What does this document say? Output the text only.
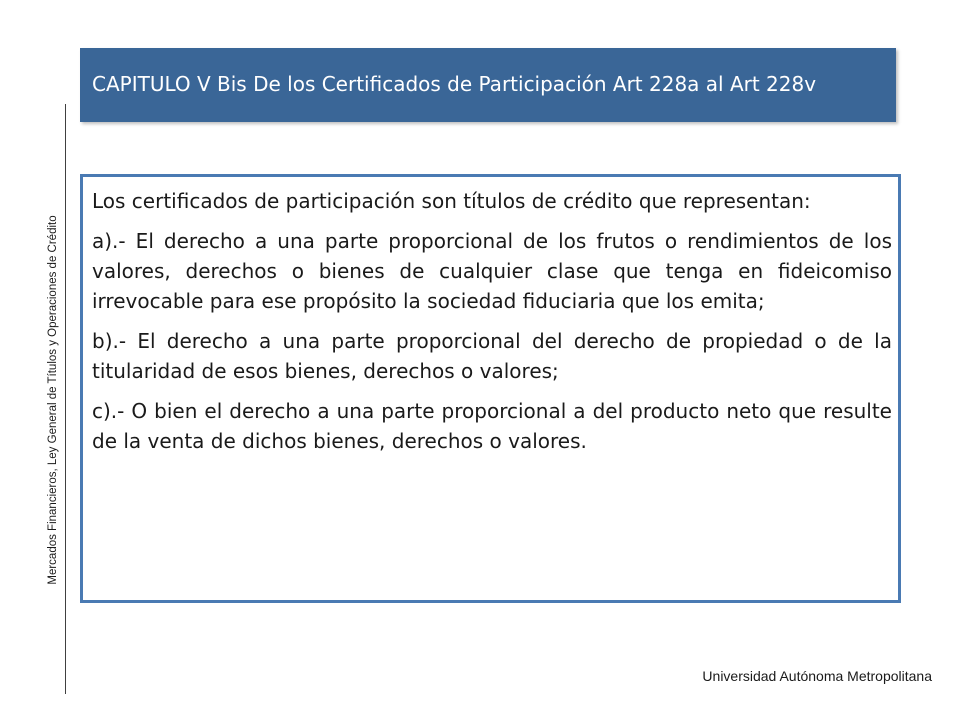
CAPITULO V Bis De los Certificados de Participación Art 228a al Art 228v
Mercados Financieros, Ley General de Títulos y Operaciones de Crédito

Los certificados de participación son títulos de crédito que representan:

a).- El derecho a una parte proporcional de los frutos o rendimientos de los valores, derechos o bienes de cualquier clase que tenga en fideicomiso irrevocable para ese propósito la sociedad fiduciaria que los emita;

b).- El derecho a una parte proporcional del derecho de propiedad o de la titularidad de esos bienes, derechos o valores;

c).- O bien el derecho a una parte proporcional a del producto neto que resulte de la venta de dichos bienes, derechos o valores.

Universidad Autónoma Metropolitana
